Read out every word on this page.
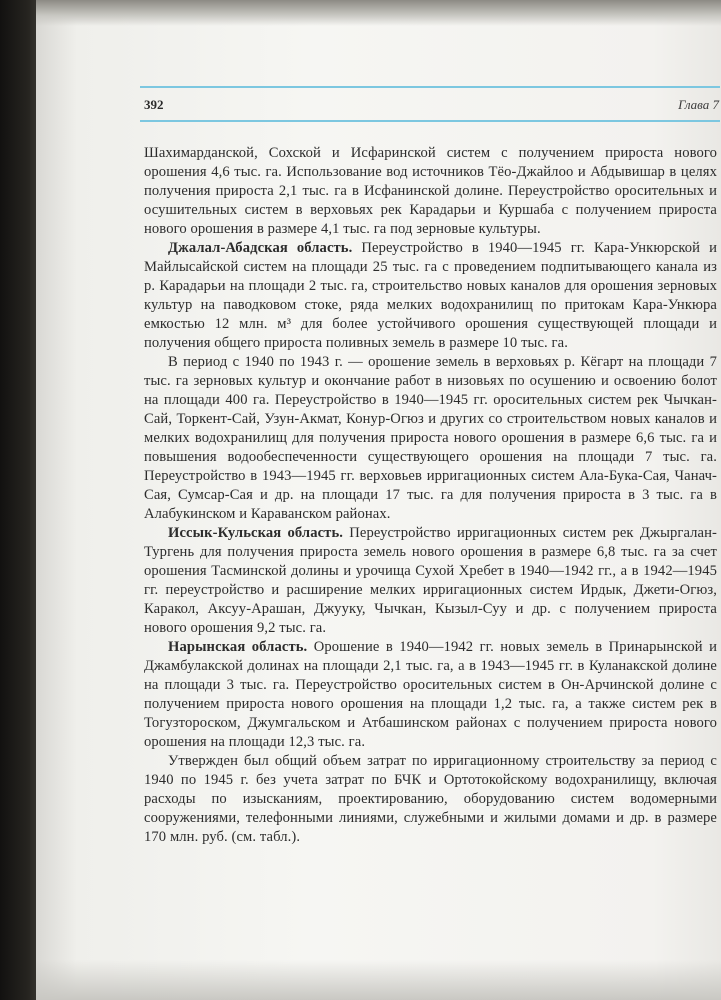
392	Глава 7

Шахимарданской, Сохской и Исфаринской систем с получением прироста нового орошения 4,6 тыс. га. Использование вод источников Тёо-Джайлоо и Абдывишар в целях получения прироста 2,1 тыс. га в Исфанинской долине. Переустройство оросительных и осушительных систем в верховьях рек Карадарьи и Куршаба с получением прироста нового орошения в размере 4,1 тыс. га под зерновые культуры.

Джалал-Абадская область. Переустройство в 1940—1945 гг. Кара-Ункюрской и Майлысайской систем на площади 25 тыс. га с проведением подпитывающего канала из р. Карадарьи на площади 2 тыс. га, строительство новых каналов для орошения зерновых культур на паводковом стоке, ряда мелких водохранилищ по притокам Кара-Ункюра емкостью 12 млн. м³ для более устойчивого орошения существующей площади и получения общего прироста поливных земель в размере 10 тыс. га.

В период с 1940 по 1943 г. — орошение земель в верховьях р. Кёгарт на площади 7 тыс. га зерновых культур и окончание работ в низовьях по осушению и освоению болот на площади 400 га. Переустройство в 1940—1945 гг. оросительных систем рек Чычкан-Сай, Торкент-Сай, Узун-Акмат, Конур-Огюз и других со строительством новых каналов и мелких водохранилищ для получения прироста нового орошения в размере 6,6 тыс. га и повышения водообеспеченности существующего орошения на площади 7 тыс. га. Переустройство в 1943—1945 гг. верховьев ирригационных систем Ала-Бука-Сая, Чанач-Сая, Сумсар-Сая и др. на площади 17 тыс. га для получения прироста в 3 тыс. га в Алабукинском и Караванском районах.

Иссык-Кульская область. Переустройство ирригационных систем рек Джыргалан-Тургень для получения прироста земель нового орошения в размере 6,8 тыс. га за счет орошения Тасминской долины и урочища Сухой Хребет в 1940—1942 гг., а в 1942—1945 гг. переустройство и расширение мелких ирригационных систем Ирдык, Джети-Огюз, Каракол, Аксуу-Арашан, Джууку, Чычкан, Кызыл-Суу и др. с получением прироста нового орошения 9,2 тыс. га.

Нарынская область. Орошение в 1940—1942 гг. новых земель в Принарынской и Джамбулакской долинах на площади 2,1 тыс. га, а в 1943—1945 гг. в Куланакской долине на площади 3 тыс. га. Переустройство оросительных систем в Он-Арчинской долине с получением прироста нового орошения на площади 1,2 тыс. га, а также систем рек в Тогузтороском, Джумгальском и Атбашинском районах с получением прироста нового орошения на площади 12,3 тыс. га.

Утвержден был общий объем затрат по ирригационному строительству за период с 1940 по 1945 г. без учета затрат по БЧК и Ортотокойскому водохранилищу, включая расходы по изысканиям, проектированию, оборудованию систем водомерными сооружениями, телефонными линиями, служебными и жилыми домами и др. в размере 170 млн. руб. (см. табл.).
